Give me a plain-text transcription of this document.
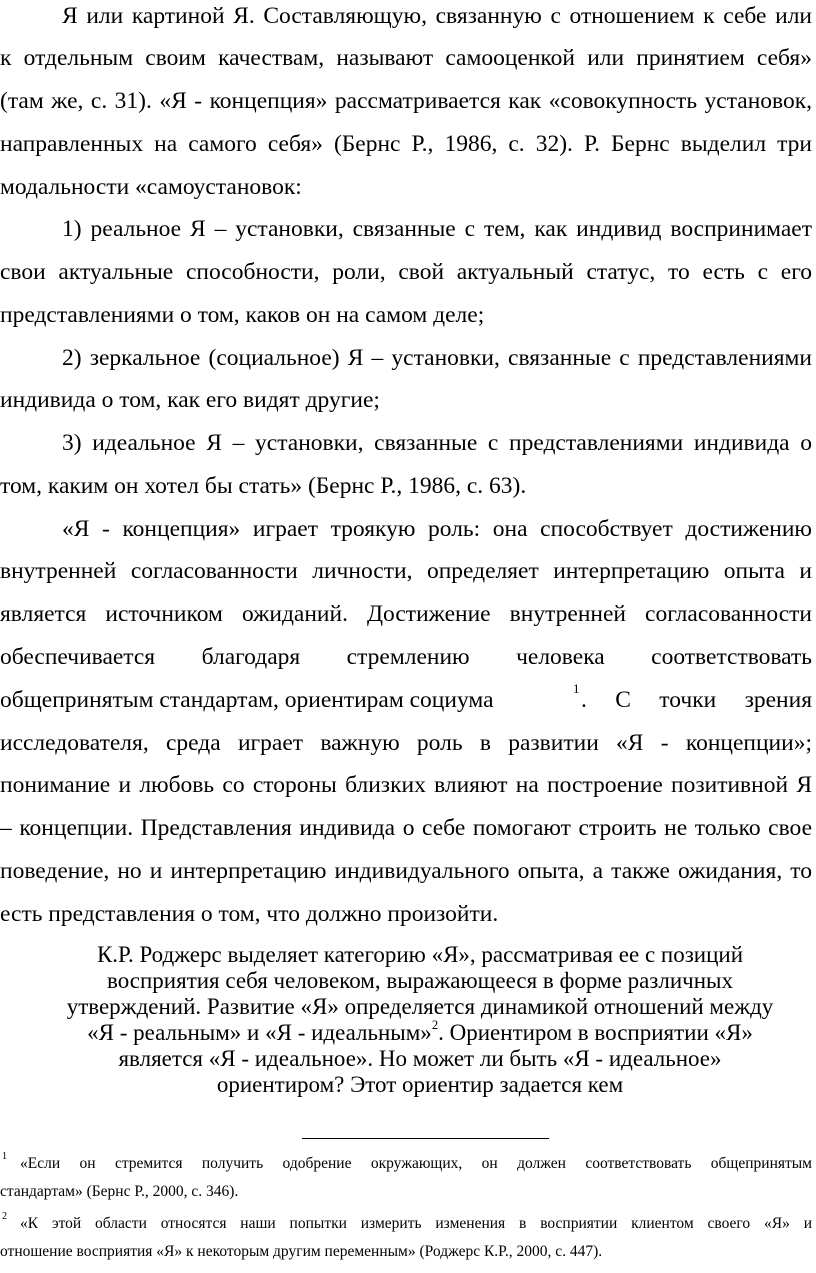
Я или картиной Я. Составляющую, связанную с отношением к себе или

к отдельным своим качествам, называют самооценкой или принятием себя»

(там же, с. 31). «Я - концепция» рассматривается как «совокупность установок,

направленных на самого себя» (Бернс Р., 1986, с. 32). Р. Бернс выделил три

модальности «самоустановок:

1) реальное Я – установки, связанные с тем, как индивид воспринимает

свои актуальные способности, роли, свой актуальный статус, то есть с его

представлениями о том, каков он на самом деле;

2) зеркальное (социальное) Я – установки, связанные с представлениями

индивида о том, как его видят другие;

3) идеальное Я – установки, связанные с представлениями индивида о

том, каким он хотел бы стать» (Бернс Р., 1986, с. 63).

«Я - концепция» играет троякую роль: она способствует достижению

внутренней согласованности личности, определяет интерпретацию опыта и

является источником ожиданий. Достижение внутренней согласованности

обеспечивается благодаря стремлению человека соответствовать

общепринятым стандартам, ориентирам социума	1 . С точки зрения

исследователя, среда играет важную роль в развитии «Я - концепции»;

понимание и любовь со стороны близких влияют на построение позитивной Я

– концепции. Представления индивида о себе помогают строить не только свое

поведение, но и интерпретацию индивидуального опыта, а также ожидания, то

есть представления о том, что должно произойти.

К.Р. Роджерс выделяет категорию «Я», рассматривая ее с позиций

восприятия себя человеком, выражающееся в форме различных

утверждений. Развитие «Я» определяется динамикой отношений между

«Я - реальным» и «Я - идеальным»$^2$. Ориентиром в восприятии «Я»

является «Я - идеальное». Но может ли быть «Я - идеальное»

ориентиром? Этот ориентир задается кем

1 «Если он стремится получить одобрение окружающих, он должен соответствовать общепринятым

стандартам» (Бернс Р., 2000, с. 346).

2 «К этой области относятся наши попытки измерить изменения в восприятии клиентом своего «Я» и

отношение восприятия «Я» к некоторым другим переменным» (Роджерс К.Р., 2000, с. 447).
